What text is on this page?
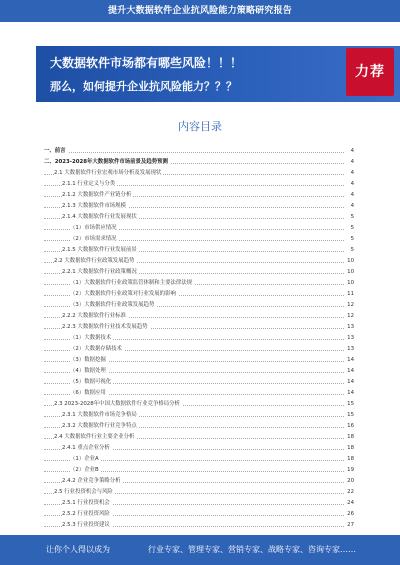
提升大数据软件企业抗风险能力策略研究报告
大数据软件市场都有哪些风险！！！
那么，如何提升企业抗风险能力？？？
力荐
内容目录
一、前言	4
二、2023-2028年大数据软件市场前景及趋势预测	4
2.1 大数据软件行业宏观市场分析及发展现状	4
2.1.1 行业定义与分类	4
2.1.2 大数据软件产业链分析	4
2.1.3 大数据软件市场规模	4
2.1.4 大数据软件行业发展现状	5
（1）市场供应情况	5
（2）市场需求情况	5
2.1.5 大数据软件行业发展前景	5
2.2 大数据软件行业政策发展趋势	10
2.2.1 大数据软件行业政策概况	10
（1）大数据软件行业政策监管体制和主要法律法规	10
（2）大数据软件行业政策对行业发展的影响	11
（3）大数据软件行业政策发展趋势	12
2.2.2 大数据软件行业标准	12
2.2.3 大数据软件行业技术发展趋势	13
（1）大数据技术	13
（2）大数据存储技术	13
（3）数据挖掘	14
（4）数据处理	14
（5）数据可视化	14
（6）数据应用	14
2.3 2023-2028年中国大数据软件行业竞争格局分析	15
2.3.1 大数据软件市场竞争格局	15
2.3.2 大数据软件行业竞争特点	16
2.4 大数据软件行业主要企业分析	18
2.4.1 重点企业分析	18
（1）企业A	18
（2）企业B	19
2.4.2 企业竞争策略分析	20
2.5 行业投资机会与风险	22
2.5.1 行业投资机会	24
2.5.2 行业投资风险	26
2.5.3 行业投资建议	27
让你个人得以成为	行业专家、管理专家、营销专家、战略专家、咨询专家……
